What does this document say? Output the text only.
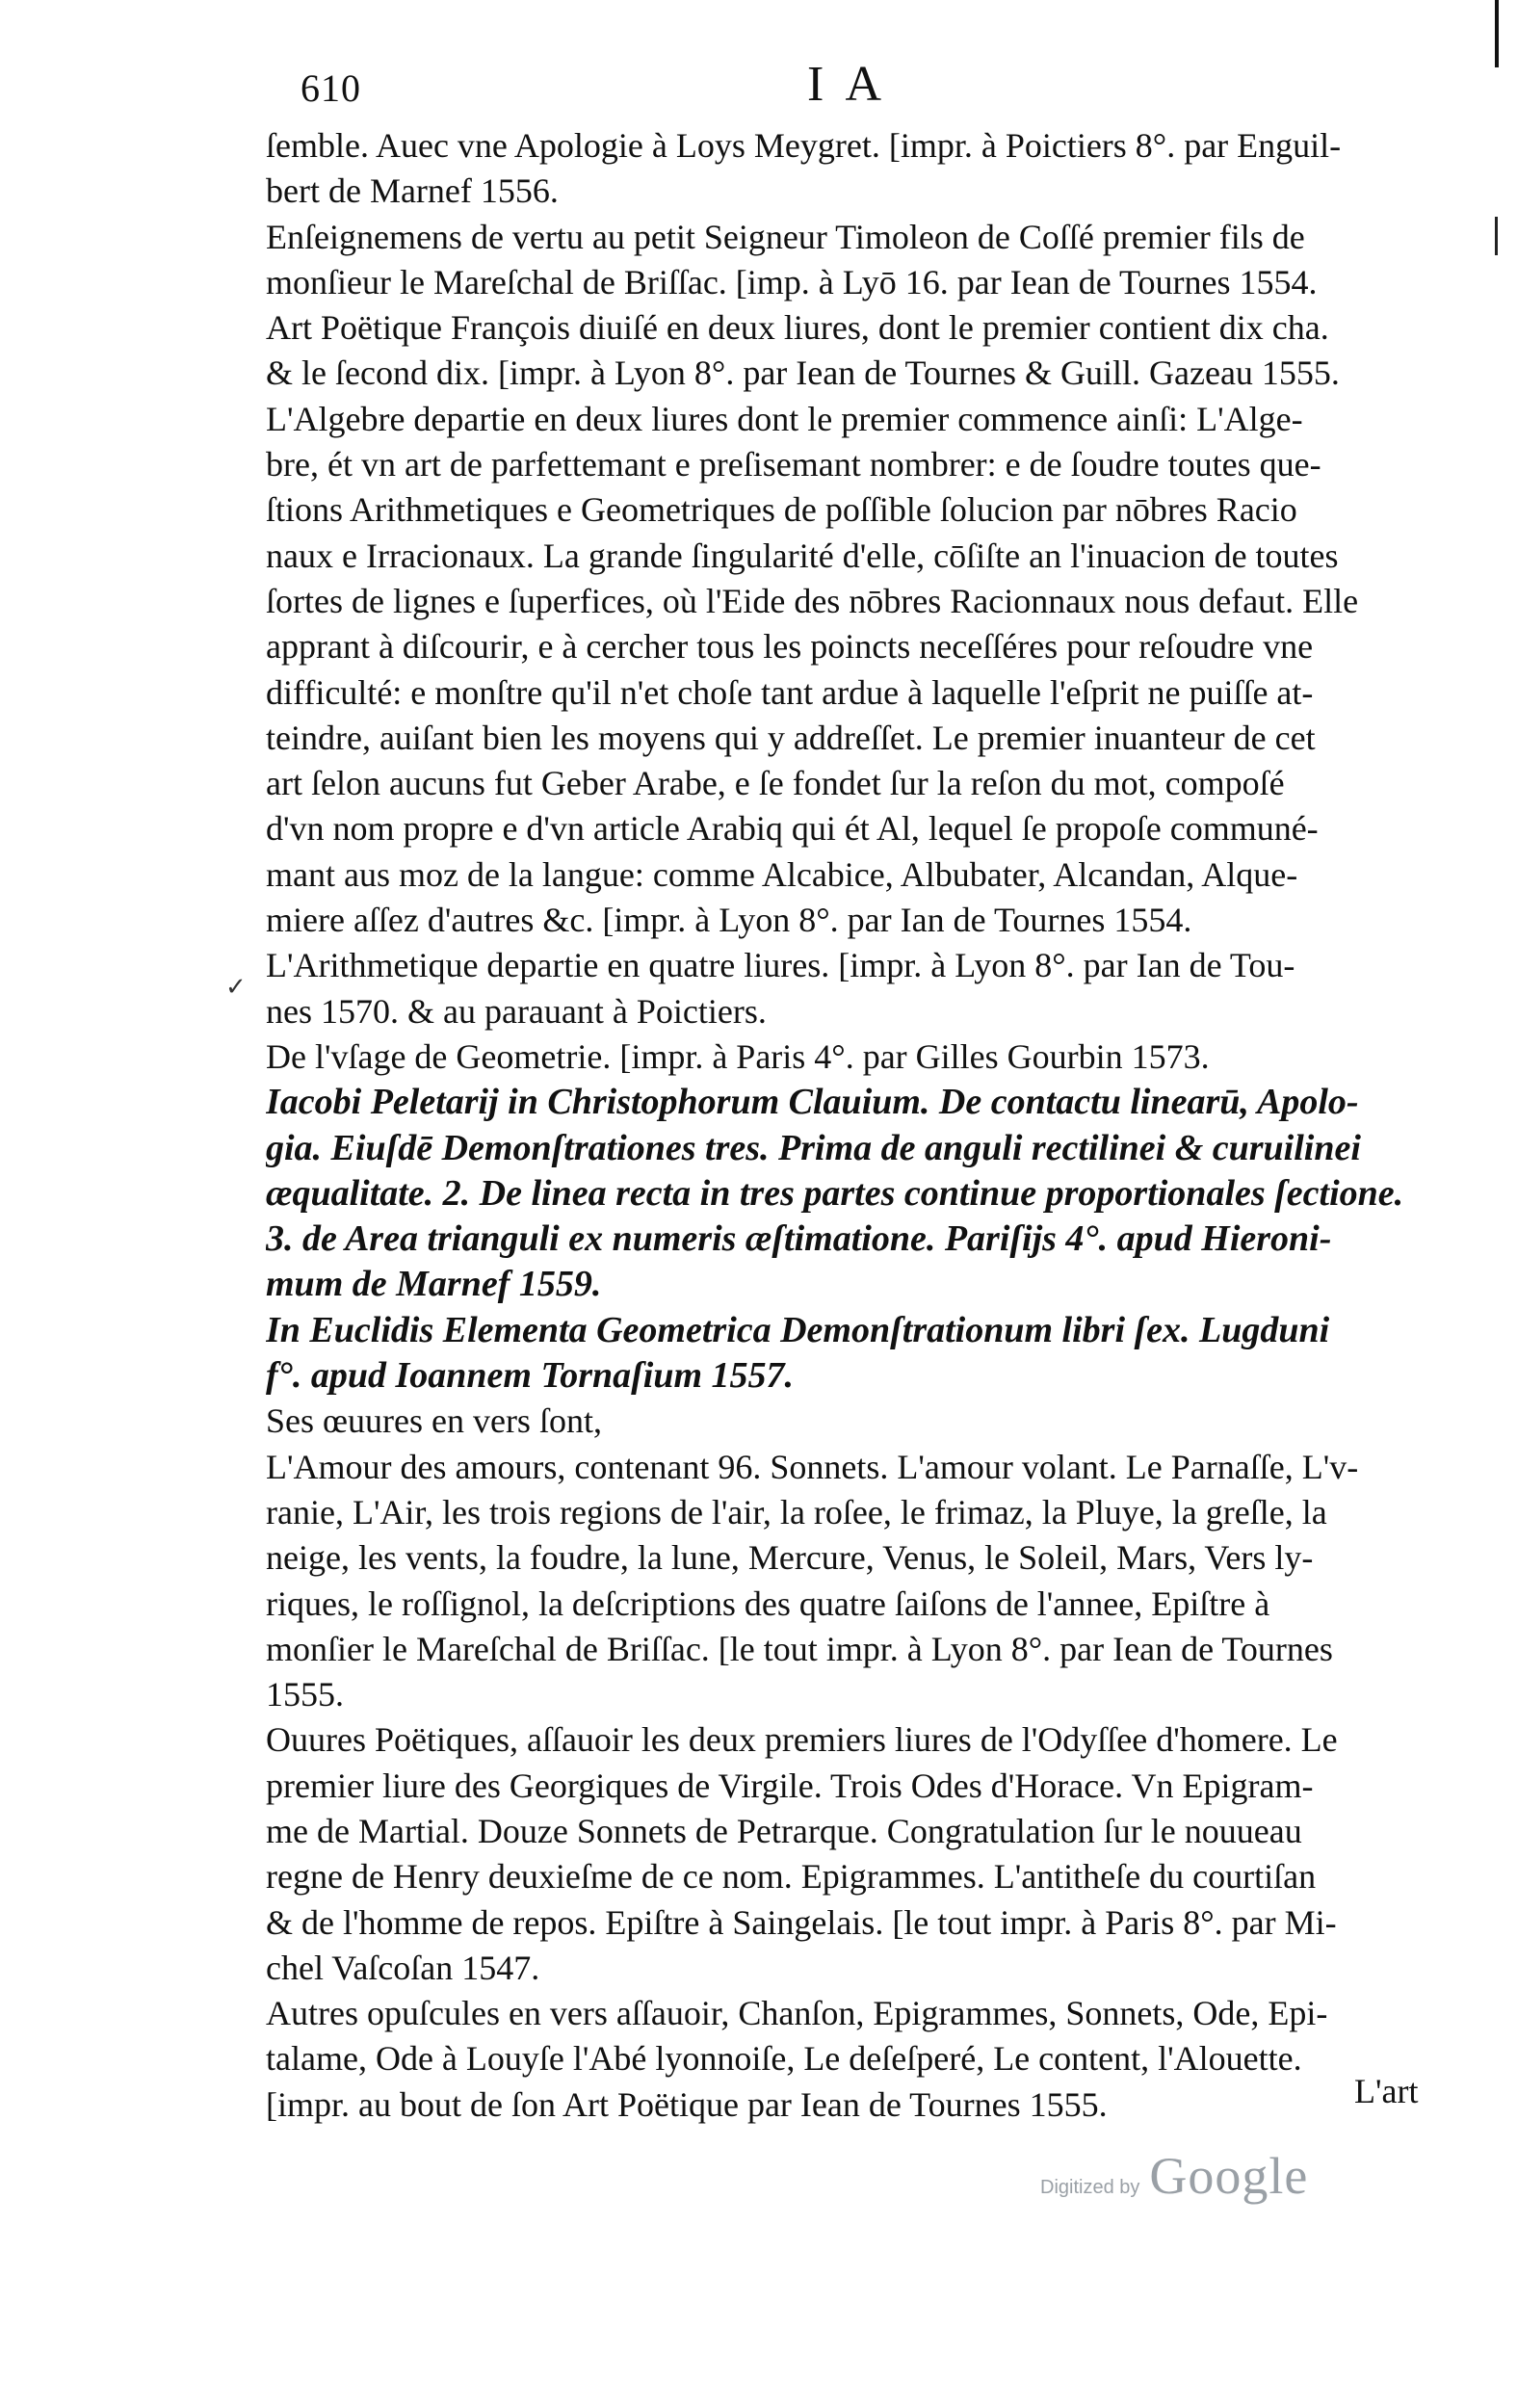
610	I A
ſemble. Auec vne Apologie à Loys Meygret. [impr. à Poictiers 8°. par Enguil-
bert de Marnef 1556.
Enſeignemens de vertu au petit Seigneur Timoleon de Coſſé premier fils de
monſieur le Mareſchal de Briſſac. [imp. à Lyō 16. par Iean de Tournes 1554.
Art Poëtique François diuiſé en deux liures, dont le premier contient dix cha.
& le ſecond dix. [impr. à Lyon 8°. par Iean de Tournes & Guill. Gazeau 1555.
L'Algebre departie en deux liures dont le premier commence ainſi: L'Alge-
bre, ét vn art de parfettemant e preſisemant nombrer: e de ſoudre toutes que-
ſtions Arithmetiques e Geometriques de poſſible ſolucion par nōbres Racio
naux e Irracionaux. La grande ſingularité d'elle, cōſiſte an l'inuacion de toutes
ſortes de lignes e ſuperfices, où l'Eide des nōbres Racionnaux nous defaut. Elle
apprant à diſcourir, e à cercher tous les poincts neceſſéres pour reſoudre vne
difficulté: e monſtre qu'il n'et choſe tant ardue à laquelle l'eſprit ne puiſſe at-
teindre, auiſant bien les moyens qui y addreſſet. Le premier inuanteur de cet
art ſelon aucuns fut Geber Arabe, e ſe fondet ſur la reſon du mot, compoſé
d'vn nom propre e d'vn article Arabiq qui ét Al, lequel ſe propoſe communé-
mant aus moz de la langue: comme Alcabice, Albubater, Alcandan, Alque-
miere aſſez d'autres &c. [impr. à Lyon 8°. par Ian de Tournes 1554.
L'Arithmetique departie en quatre liures. [impr. à Lyon 8°. par Ian de Tou-
nes 1570. & au parauant à Poictiers.
De l'vſage de Geometrie. [impr. à Paris 4°. par Gilles Gourbin 1573.
Iacobi Peletarij in Christophorum Clauium. De contactu linearū, Apolo-
gia. Eiuſdē Demonſtrationes tres. Prima de anguli rectilinei & curuilinei
æqualitate. 2. De linea recta in tres partes continue proportionales ſectione.
3. de Area trianguli ex numeris æſtimatione. Pariſijs 4°. apud Hieroni-
mum de Marnef 1559.
In Euclidis Elementa Geometrica Demonſtrationum libri ſex. Lugduni
f°. apud Ioannem Tornaſium 1557.
Ses œuures en vers ſont,
L'Amour des amours, contenant 96. Sonnets. L'amour volant. Le Parnaſſe, L'v-
ranie, L'Air, les trois regions de l'air, la roſee, le frimaz, la Pluye, la greſle, la
neige, les vents, la foudre, la lune, Mercure, Venus, le Soleil, Mars, Vers ly-
riques, le roſſignol, la deſcriptions des quatre ſaiſons de l'annee, Epiſtre à
monſier le Mareſchal de Briſſac. [le tout impr. à Lyon 8°. par Iean de Tournes
1555.
Ouures Poëtiques, aſſauoir les deux premiers liures de l'Odyſſee d'homere. Le
premier liure des Georgiques de Virgile. Trois Odes d'Horace. Vn Epigram-
me de Martial. Douze Sonnets de Petrarque. Congratulation ſur le nouueau
regne de Henry deuxieſme de ce nom. Epigrammes. L'antitheſe du courtiſan
& de l'homme de repos. Epiſtre à Saingelais. [le tout impr. à Paris 8°. par Mi-
chel Vaſcoſan 1547.
Autres opuſcules en vers aſſauoir, Chanſon, Epigrammes, Sonnets, Ode, Epi-
talame, Ode à Louyſe l'Abé lyonnoiſe, Le deſeſperé, Le content, l'Alouette.
[impr. au bout de ſon Art Poëtique par Iean de Tournes 1555.
✓
L'art
Digitized by Google
